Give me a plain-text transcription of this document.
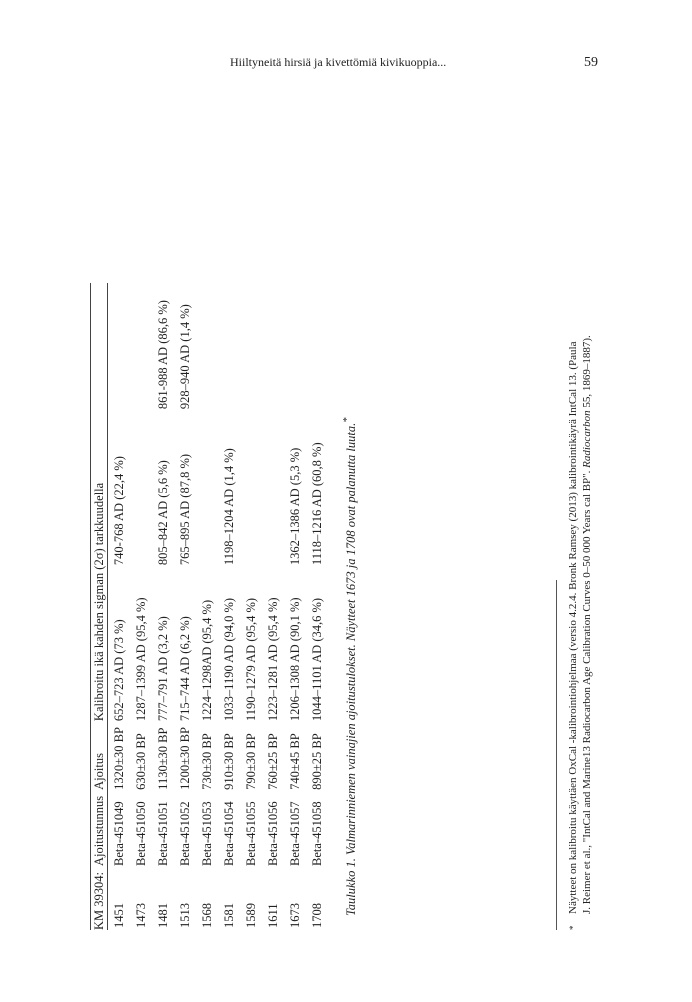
Hiiltyneitä hirsiä ja kivettömiä kivikuoppia...	59
KM 39304:	Ajoitustunnus	Ajoitus	Kalibroitu ikä kahden sigman (2σ) tarkkuudella		
1451	Beta-451049	1320±30 BP	652–723 AD (73 %)	740-768 AD (22,4 %)	
1473	Beta-451050	630±30 BP	1287–1399 AD (95,4 %)		
1481	Beta-451051	1130±30 BP	777–791 AD (3,2 %)	805–842 AD (5,6 %)	861-988 AD (86,6 %)
1513	Beta-451052	1200±30 BP	715–744 AD (6,2 %)	765–895 AD (87,8 %)	928–940 AD (1,4 %)
1568	Beta-451053	730±30 BP	1224–1298AD (95,4 %)		
1581	Beta-451054	910±30 BP	1033–1190 AD (94,0 %)	1198–1204 AD (1,4 %)	
1589	Beta-451055	790±30 BP	1190–1279 AD (95,4 %)		
1611	Beta-451056	760±25 BP	1223–1281 AD (95,4 %)		
1673	Beta-451057	740±45 BP	1206–1308 AD (90,1 %)	1362–1386 AD (5,3 %)	
1708	Beta-451058	890±25 BP	1044–1101 AD (34,6 %)	1118–1216 AD (60,8 %)	Taulukko 1. Valmarinniemen vainajien ajoitustulokset. Näytteet 1673 ja 1708 ovat palanutta luuta.*
*
Näytteet on kalibroitu käyttäen OxCal -kalibrointiohjelmaa (versio 4.2.4. Bronk Ramsey (2013) kalibrointikäyrä IntCal 13. (Paula J. Reimer et al., "IntCal and Marine13 Radiocarbon Age Calibration Curves 0–50 000 Years cal BP". Radiocarbon 55, 1869–1887).
